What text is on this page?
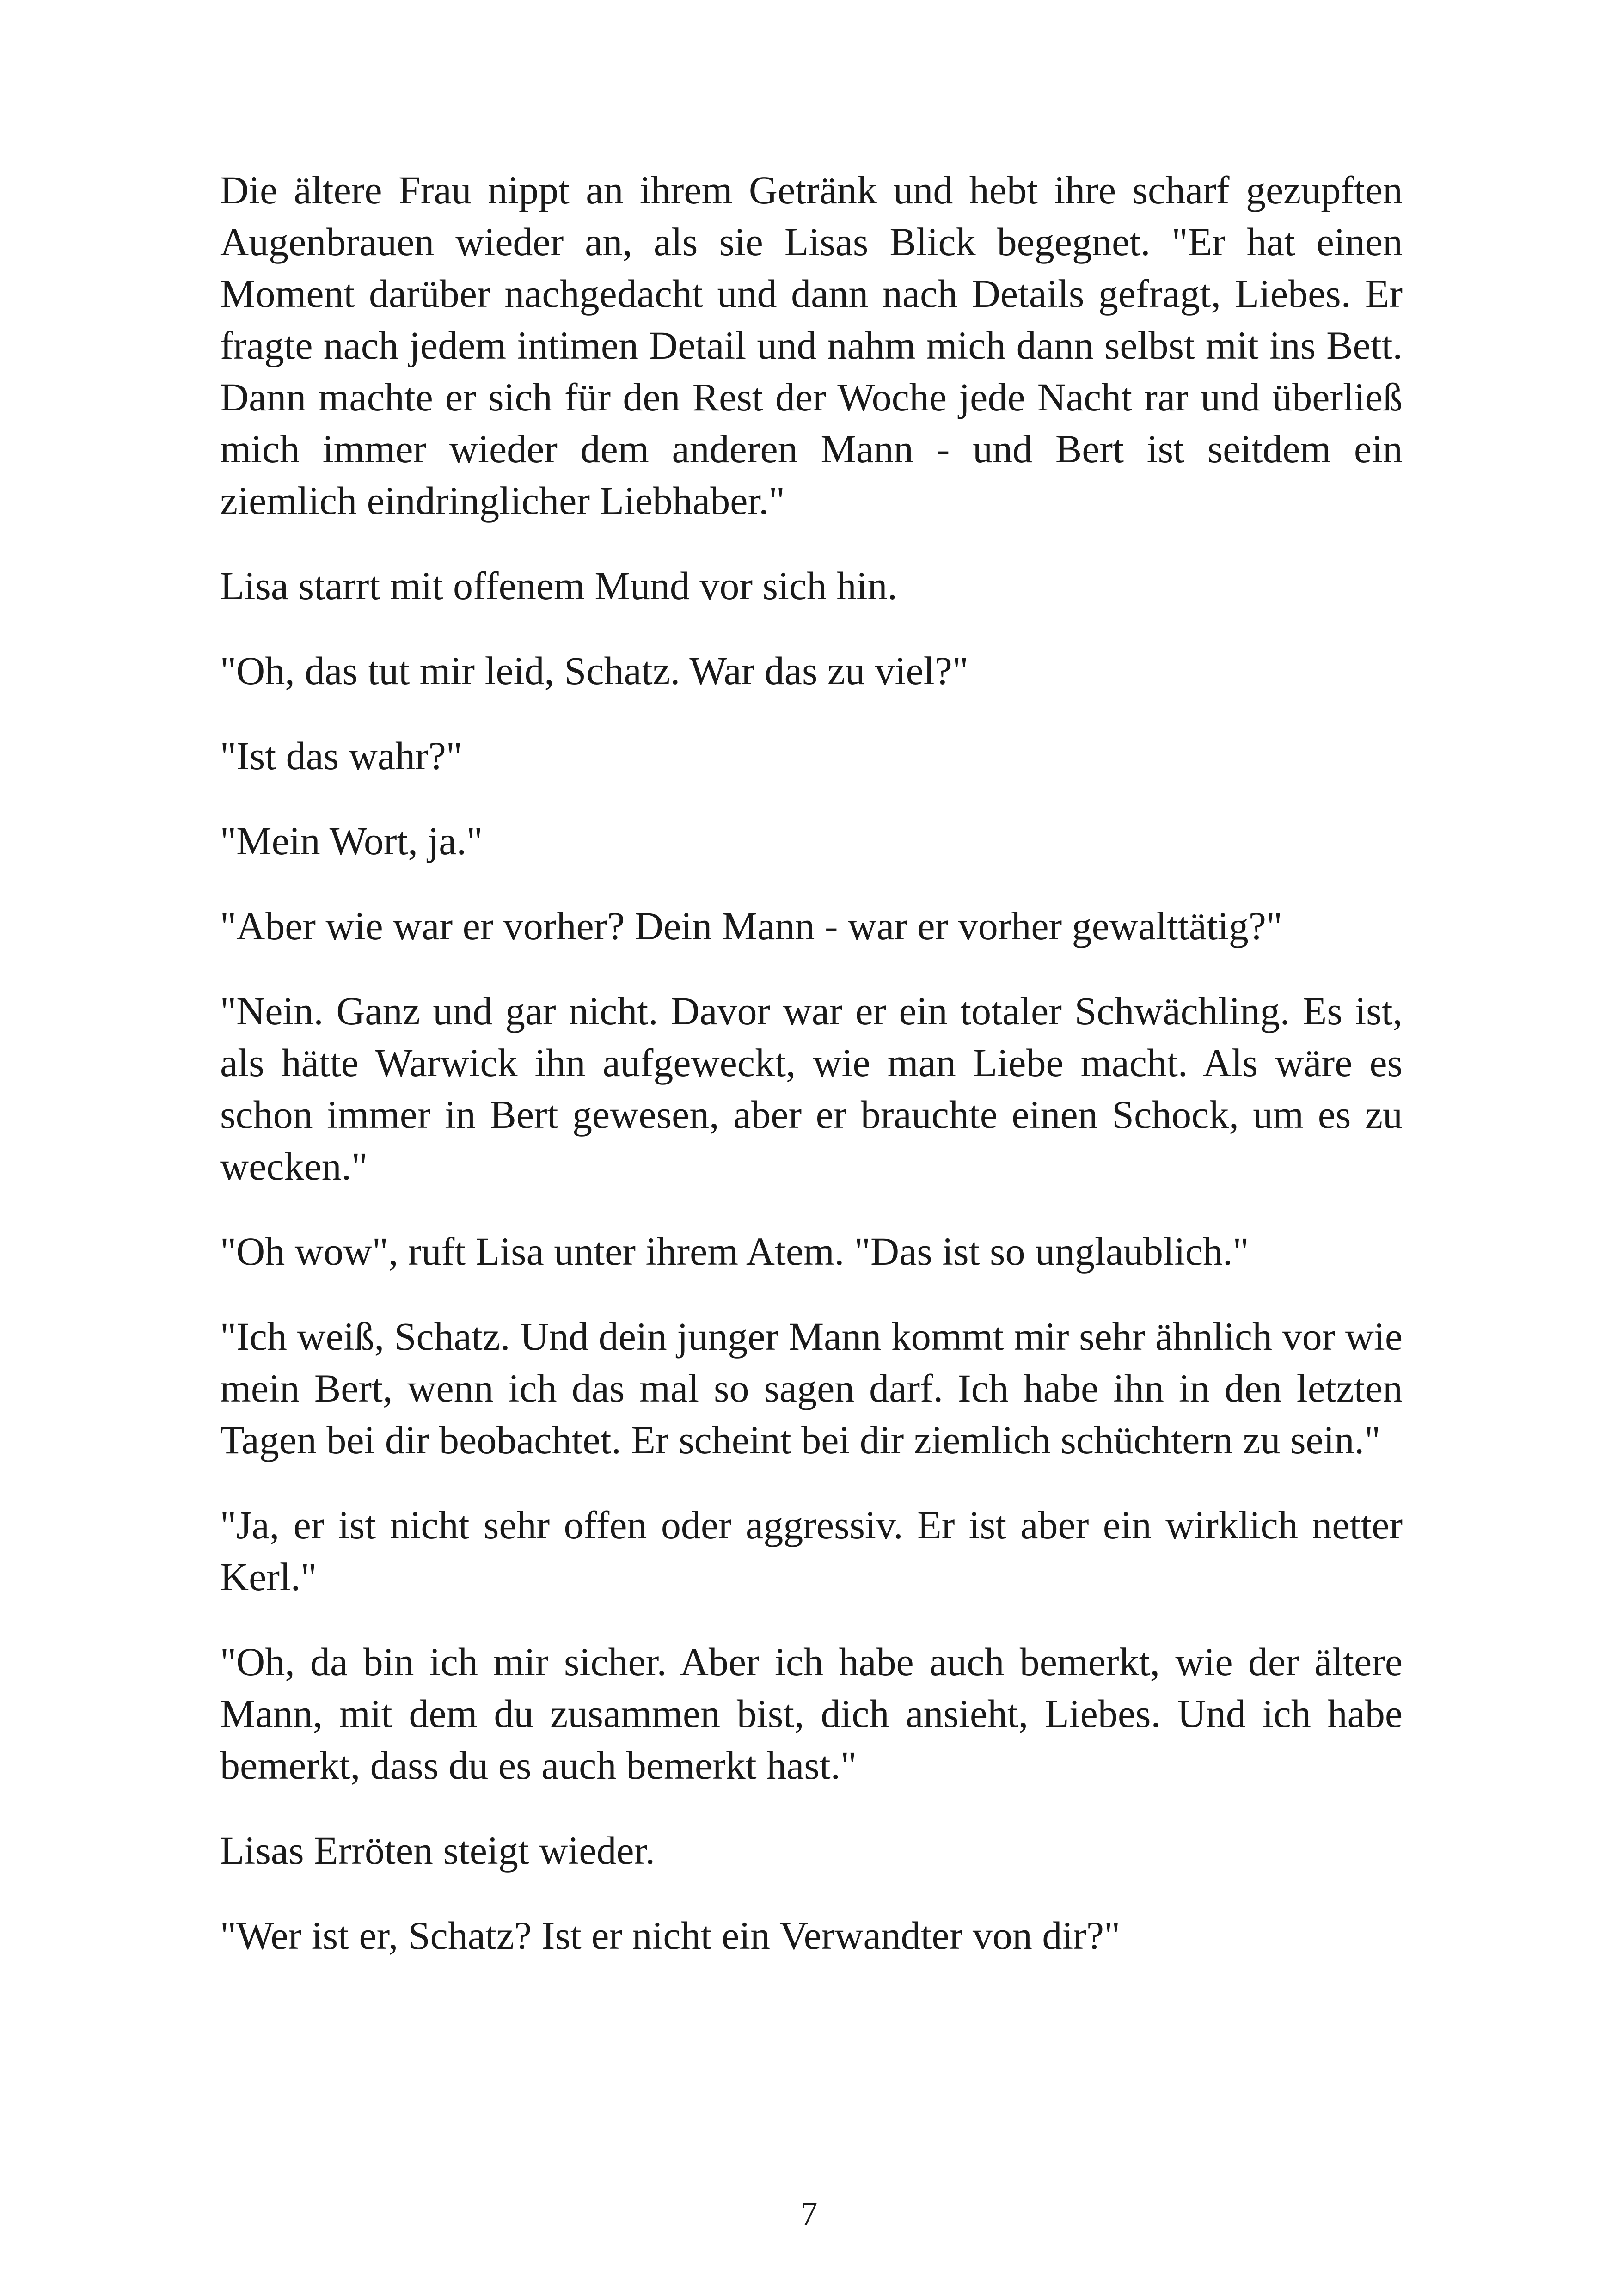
Die ältere Frau nippt an ihrem Getränk und hebt ihre scharf gezupften Augenbrauen wieder an, als sie Lisas Blick begegnet. "Er hat einen Moment darüber nachgedacht und dann nach Details gefragt, Liebes. Er fragte nach jedem intimen Detail und nahm mich dann selbst mit ins Bett. Dann machte er sich für den Rest der Woche jede Nacht rar und überließ mich immer wieder dem anderen Mann - und Bert ist seitdem ein ziemlich eindringlicher Liebhaber."

Lisa starrt mit offenem Mund vor sich hin.

"Oh, das tut mir leid, Schatz. War das zu viel?"

"Ist das wahr?"

"Mein Wort, ja."

"Aber wie war er vorher? Dein Mann - war er vorher gewalttätig?"

"Nein. Ganz und gar nicht. Davor war er ein totaler Schwächling. Es ist, als hätte Warwick ihn aufgeweckt, wie man Liebe macht. Als wäre es schon immer in Bert gewesen, aber er brauchte einen Schock, um es zu wecken."

"Oh wow", ruft Lisa unter ihrem Atem. "Das ist so unglaublich."

"Ich weiß, Schatz. Und dein junger Mann kommt mir sehr ähnlich vor wie mein Bert, wenn ich das mal so sagen darf. Ich habe ihn in den letzten Tagen bei dir beobachtet. Er scheint bei dir ziemlich schüchtern zu sein."

"Ja, er ist nicht sehr offen oder aggressiv. Er ist aber ein wirklich netter Kerl."

"Oh, da bin ich mir sicher. Aber ich habe auch bemerkt, wie der ältere Mann, mit dem du zusammen bist, dich ansieht, Liebes. Und ich habe bemerkt, dass du es auch bemerkt hast."

Lisas Erröten steigt wieder.

"Wer ist er, Schatz? Ist er nicht ein Verwandter von dir?"

7
